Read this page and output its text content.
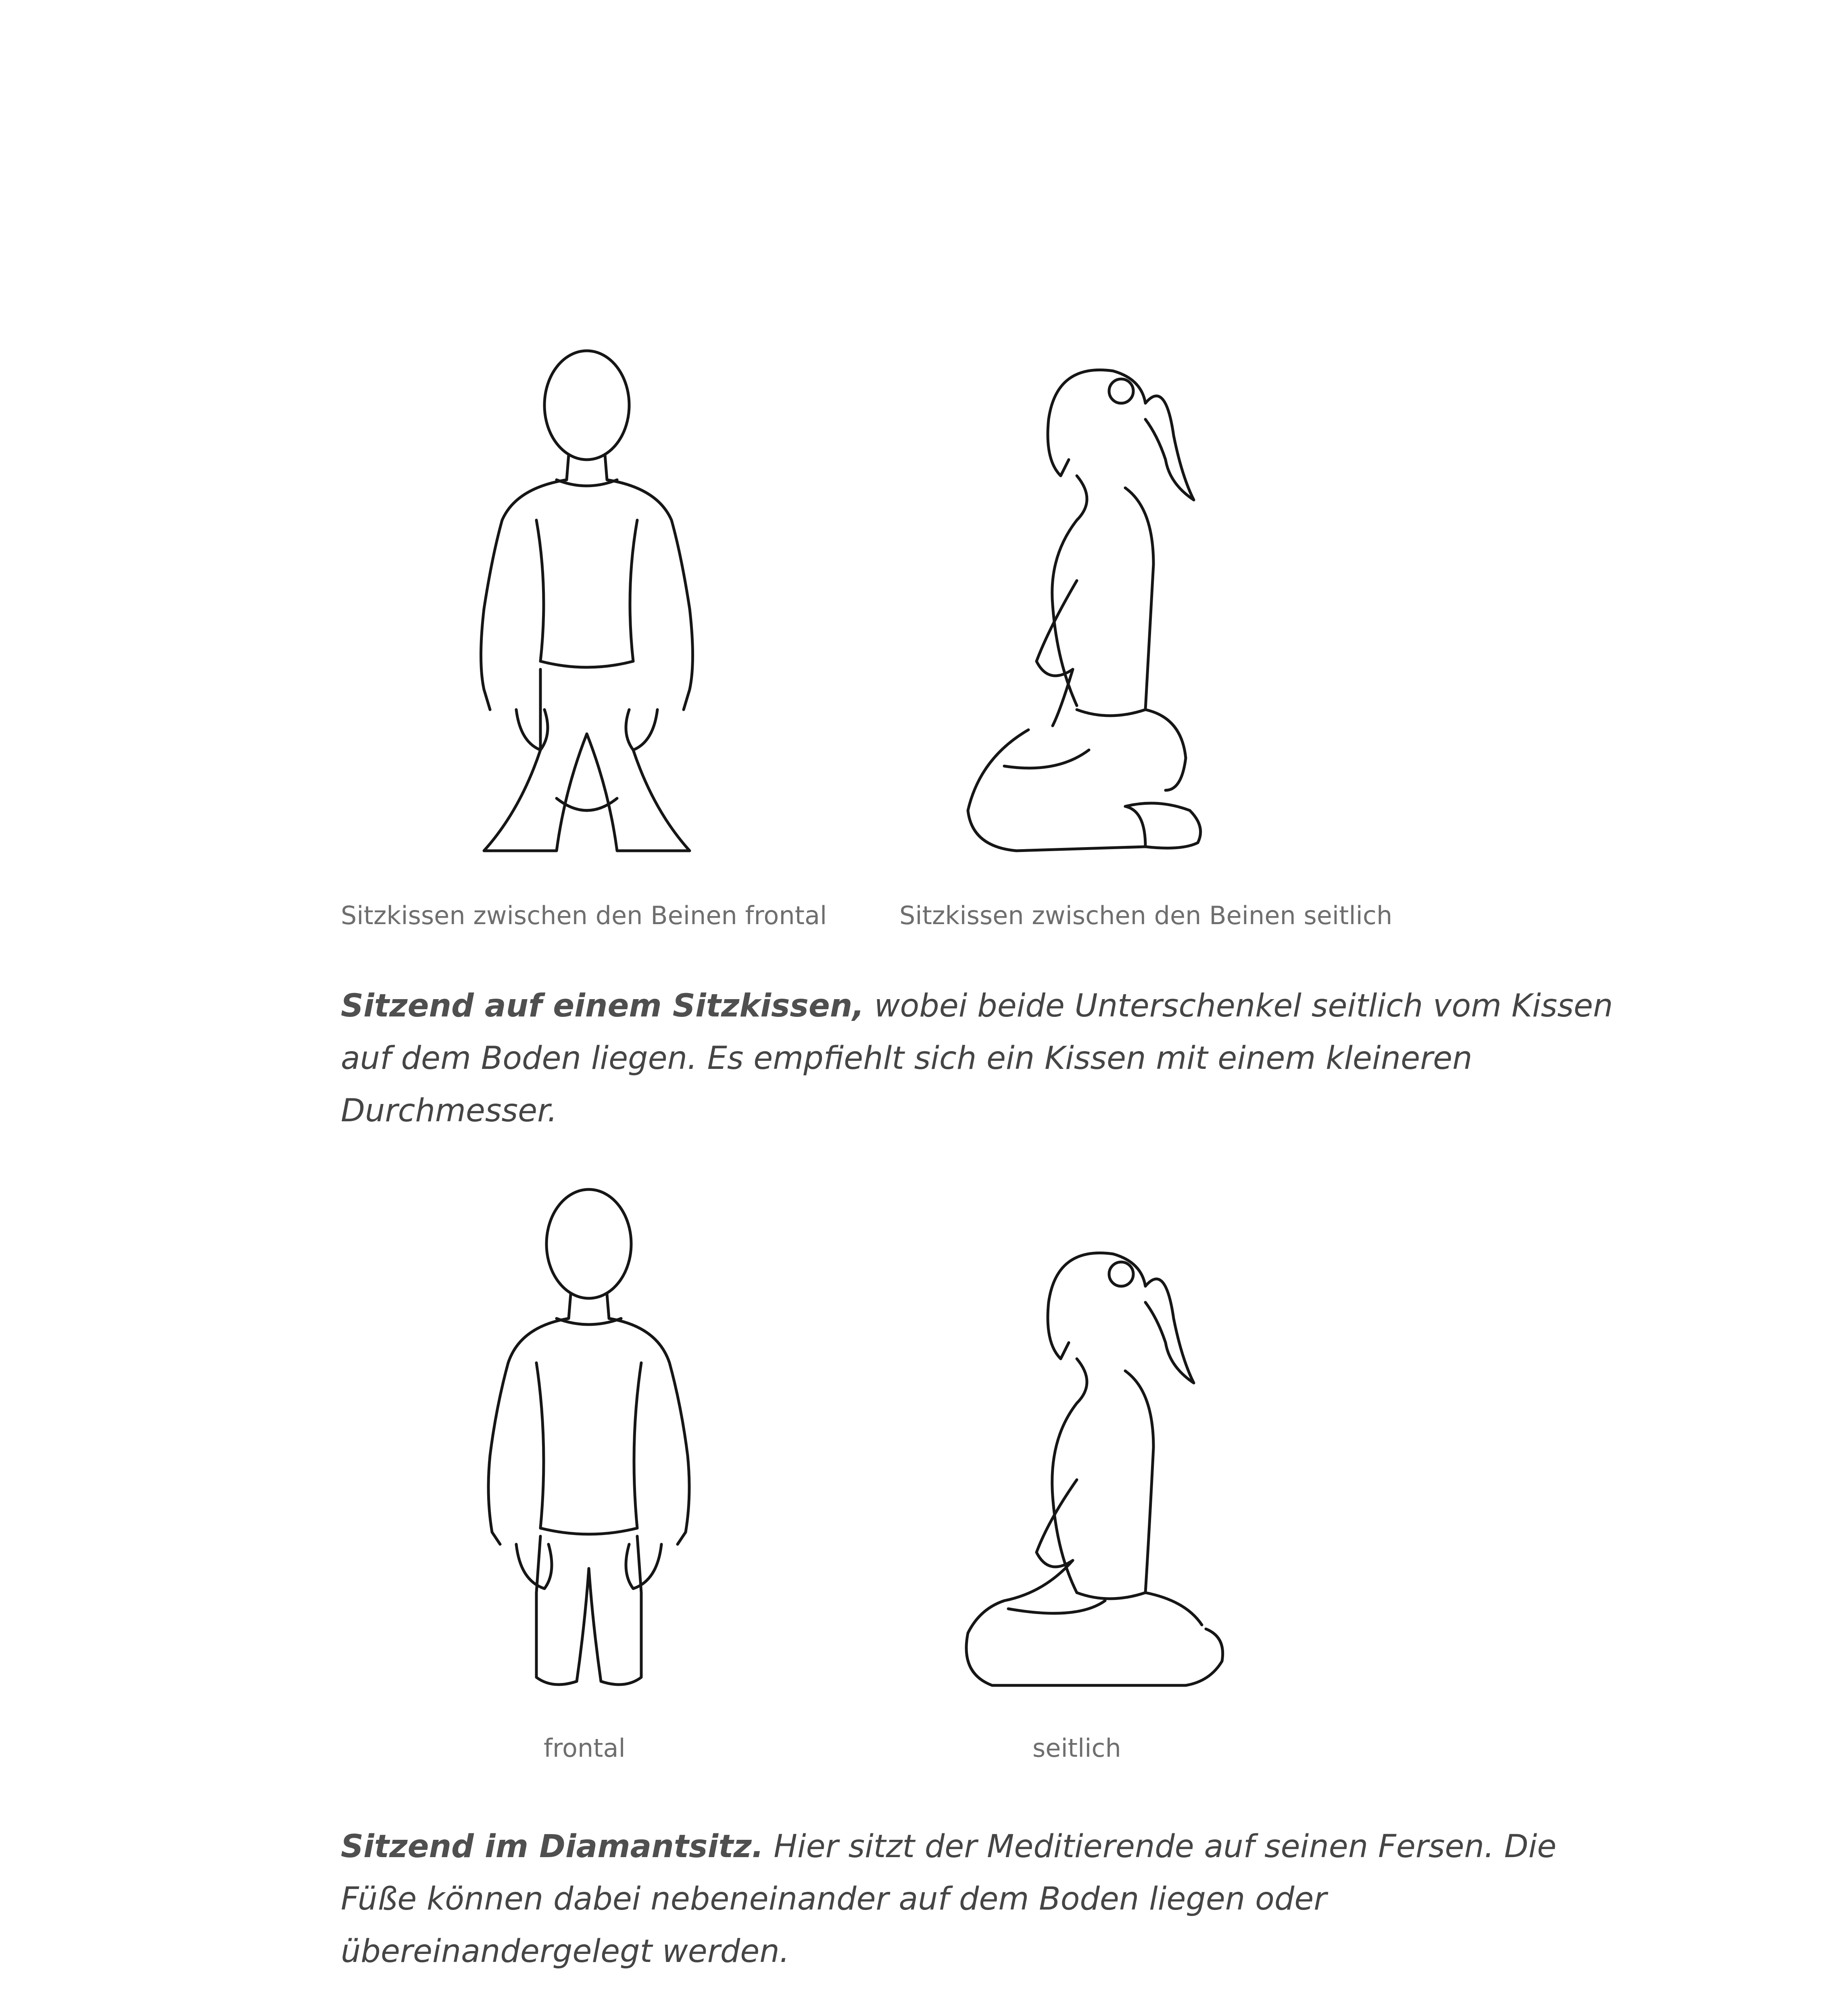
Sitzkissen zwischen den Beinen frontal	Sitzkissen zwischen den Beinen seitlich
Sitzend auf einem Sitzkissen, wobei beide Unterschenkel seitlich vom Kissen auf dem Boden liegen. Es empfiehlt sich ein Kissen mit einem kleineren Durchmesser.
frontal	seitlich
Sitzend im Diamantsitz. Hier sitzt der Meditierende auf seinen Fersen. Die Füße können dabei nebeneinander auf dem Boden liegen oder übereinandergelegt werden.
